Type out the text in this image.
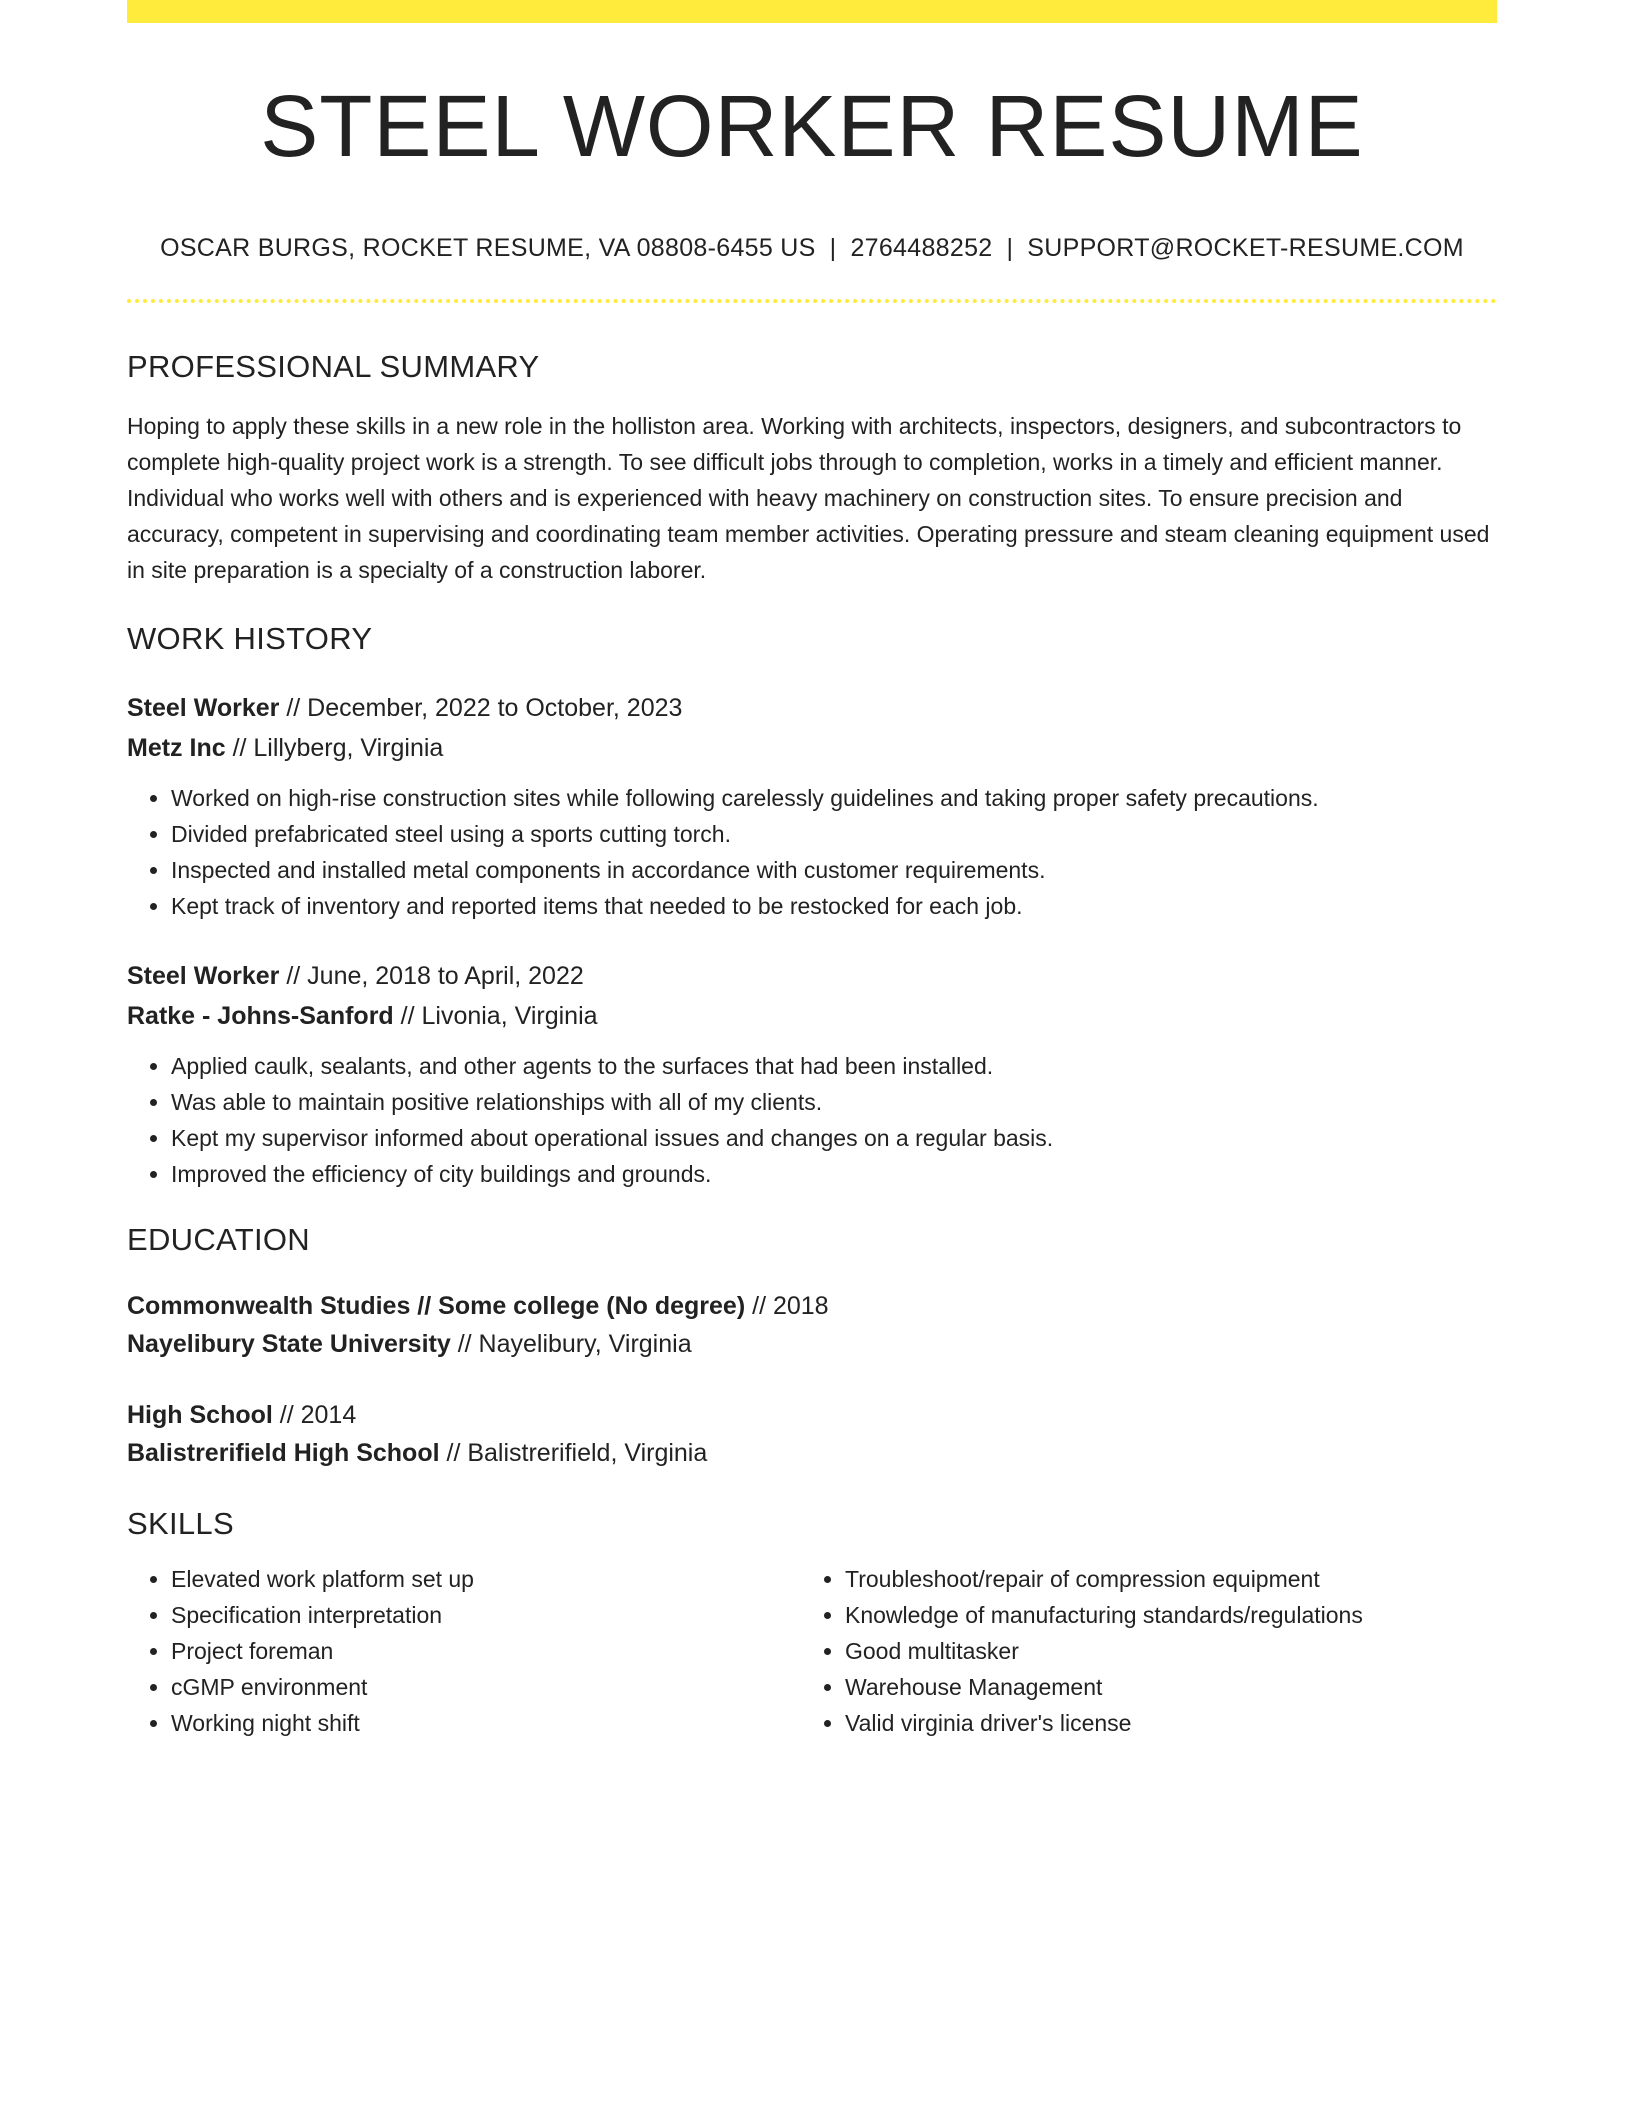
STEEL WORKER RESUME
OSCAR BURGS, ROCKET RESUME, VA 08808-6455 US | 2764488252 | SUPPORT@ROCKET-RESUME.COM
PROFESSIONAL SUMMARY

Hoping to apply these skills in a new role in the holliston area. Working with architects, inspectors, designers, and subcontractors to complete high-quality project work is a strength. To see difficult jobs through to completion, works in a timely and efficient manner. Individual who works well with others and is experienced with heavy machinery on construction sites. To ensure precision and accuracy, competent in supervising and coordinating team member activities. Operating pressure and steam cleaning equipment used in site preparation is a specialty of a construction laborer.

WORK HISTORY
Steel Worker // December, 2022 to October, 2023
Metz Inc // Lillyberg, Virginia
• Worked on high-rise construction sites while following carelessly guidelines and taking proper safety precautions.
• Divided prefabricated steel using a sports cutting torch.
• Inspected and installed metal components in accordance with customer requirements.
• Kept track of inventory and reported items that needed to be restocked for each job.
Steel Worker // June, 2018 to April, 2022
Ratke - Johns-Sanford // Livonia, Virginia
• Applied caulk, sealants, and other agents to the surfaces that had been installed.
• Was able to maintain positive relationships with all of my clients.
• Kept my supervisor informed about operational issues and changes on a regular basis.
• Improved the efficiency of city buildings and grounds.
EDUCATION
Commonwealth Studies // Some college (No degree) // 2018
Nayelibury State University // Nayelibury, Virginia
High School // 2014
Balistrerifield High School // Balistrerifield, Virginia
SKILLS
• Elevated work platform set up
• Specification interpretation
• Project foreman
• cGMP environment
• Working night shift
• Troubleshoot/repair of compression equipment
• Knowledge of manufacturing standards/regulations
• Good multitasker
• Warehouse Management
• Valid virginia driver's license
